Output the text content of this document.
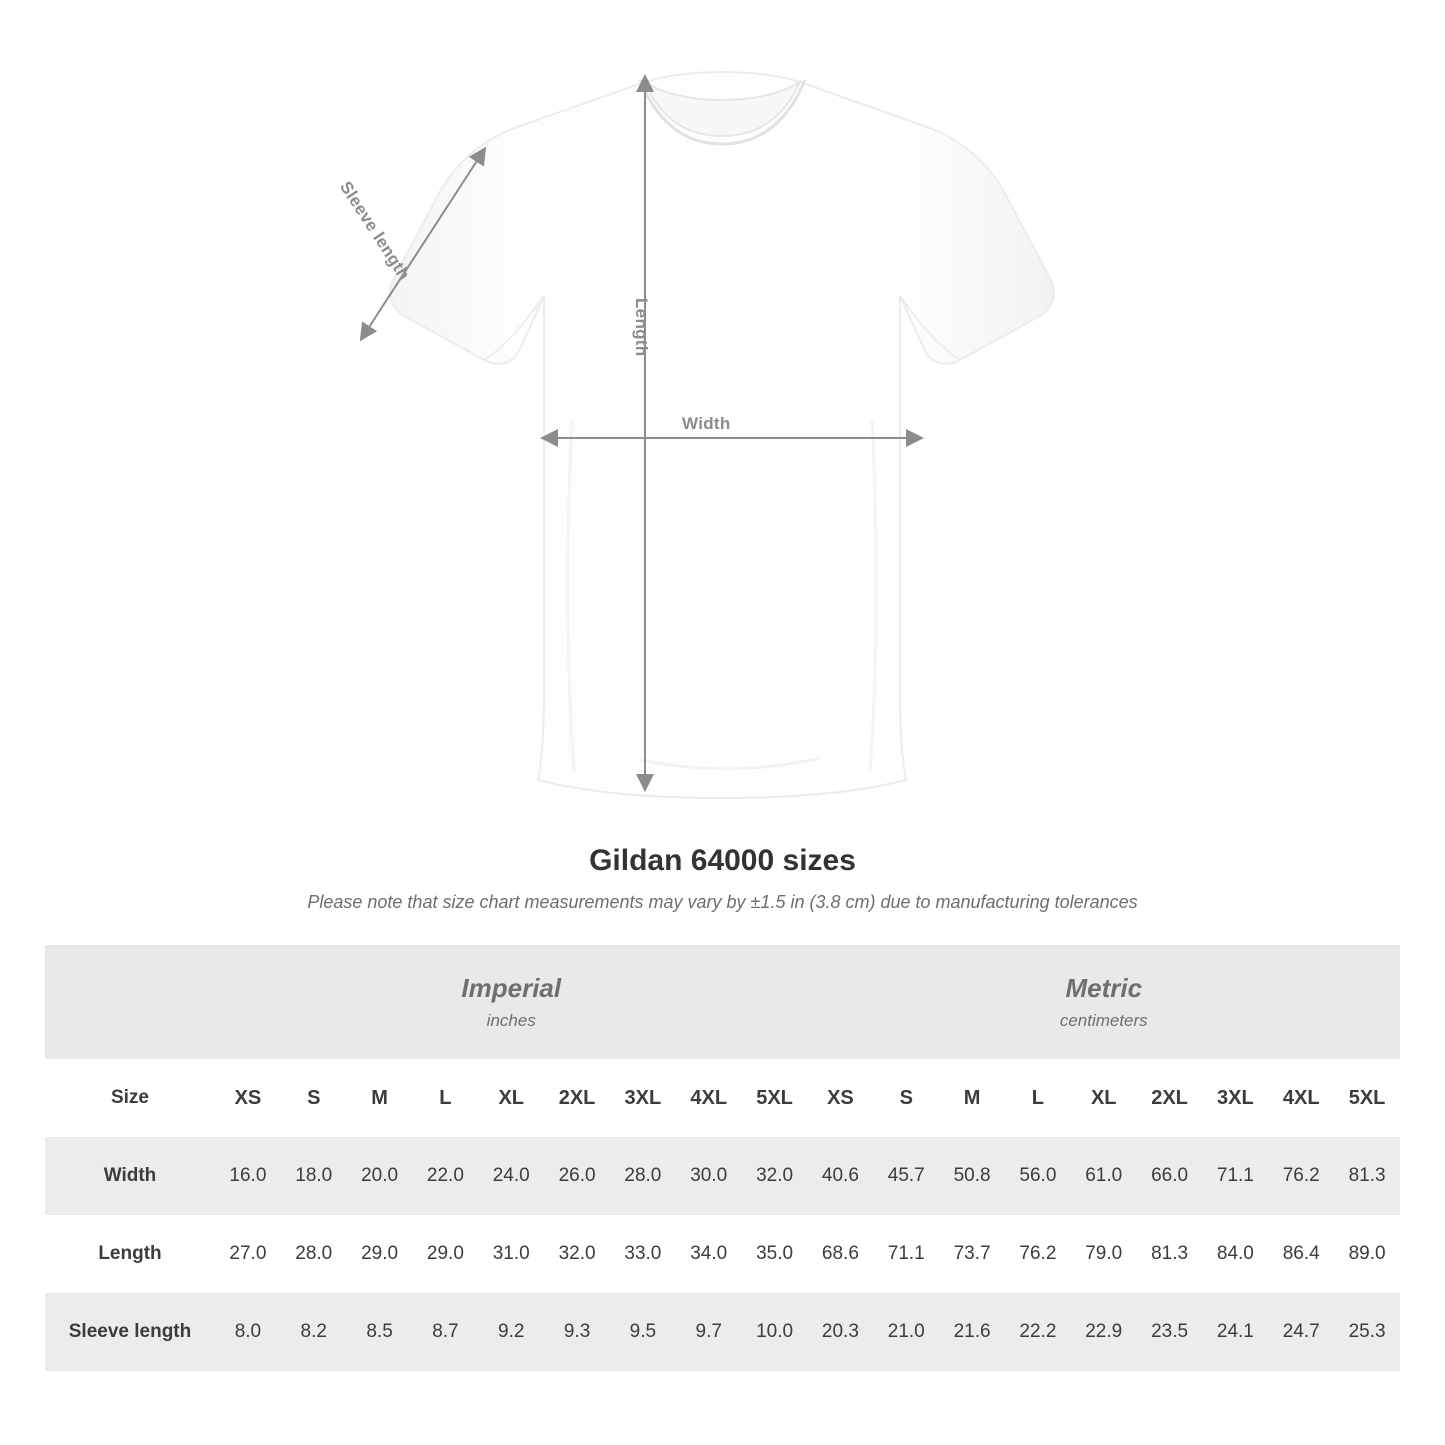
Sleeve length
Length
Width
Gildan 64000 sizes

Please note that size chart measurements may vary by ±1.5 in (3.8 cm) due to manufacturing tolerances

	Imperial
inches									Metric
centimeters								

Size	XS	S	M	L	XL	2XL	3XL	4XL	5XL	XS	S	M	L	XL	2XL	3XL	4XL	5XL
Width	16.0	18.0	20.0	22.0	24.0	26.0	28.0	30.0	32.0	40.6	45.7	50.8	56.0	61.0	66.0	71.1	76.2	81.3
Length	27.0	28.0	29.0	29.0	31.0	32.0	33.0	34.0	35.0	68.6	71.1	73.7	76.2	79.0	81.3	84.0	86.4	89.0
Sleeve length	8.0	8.2	8.5	8.7	9.2	9.3	9.5	9.7	10.0	20.3	21.0	21.6	22.2	22.9	23.5	24.1	24.7	25.3
